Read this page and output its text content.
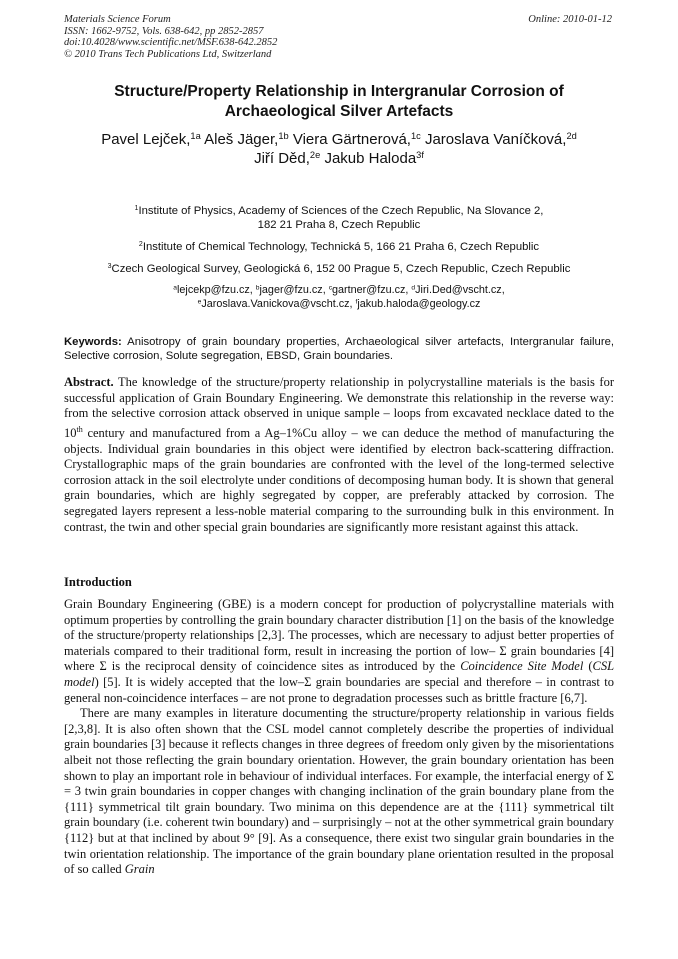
Materials Science Forum
ISSN: 1662-9752, Vols. 638-642, pp 2852-2857
doi:10.4028/www.scientific.net/MSF.638-642.2852
© 2010 Trans Tech Publications Ltd, Switzerland
Online: 2010-01-12
Structure/Property Relationship in Intergranular Corrosion of
Archaeological Silver Artefacts
Pavel Lejček,$^{1a}$ Aleš Jäger,$^{1b}$ Viera Gärtnerová,$^{1c}$ Jaroslava Vaníčková,$^{2d}$
Jiří Děd,$^{2e}$ Jakub Haloda$^{3f}$
$^1$Institute of Physics, Academy of Sciences of the Czech Republic, Na Slovance 2,
182 21 Praha 8, Czech Republic
$^2$Institute of Chemical Technology, Technická 5, 166 21 Praha 6, Czech Republic
$^3$Czech Geological Survey, Geologická 6, 152 00 Prague 5, Czech Republic, Czech Republic
$^a$lejcekp@fzu.cz, $^b$jager@fzu.cz, $^c$gartner@fzu.cz, $^d$Jiri.Ded@vscht.cz,
$^e$Jaroslava.Vanickova@vscht.cz, $^f$jakub.haloda@geology.cz
Keywords: Anisotropy of grain boundary properties, Archaeological silver artefacts, Intergranular failure, Selective corrosion, Solute segregation, EBSD, Grain boundaries.
Abstract. The knowledge of the structure/property relationship in polycrystalline materials is the basis for successful application of Grain Boundary Engineering. We demonstrate this relationship in the reverse way: from the selective corrosion attack observed in unique sample – loops from excavated necklace dated to the 10th century and manufactured from a Ag–1%Cu alloy – we can deduce the method of manufacturing the objects. Individual grain boundaries in this object were identified by electron back-scattering diffraction. Crystallographic maps of the grain boundaries are confronted with the level of the long-termed selective corrosion attack in the soil electrolyte under conditions of decomposing human body. It is shown that general grain boundaries, which are highly segregated by copper, are preferably attacked by corrosion. The segregated layers represent a less-noble material comparing to the surrounding bulk in this environment. In contrast, the twin and other special grain boundaries are significantly more resistant against this attack.
Introduction

Grain Boundary Engineering (GBE) is a modern concept for production of polycrystalline materials with optimum properties by controlling the grain boundary character distribution [1] on the basis of the knowledge of the structure/property relationships [2,3]. The processes, which are necessary to adjust better properties of materials compared to their traditional form, result in increasing the portion of low– Σ grain boundaries [4] where Σ is the reciprocal density of coincidence sites as introduced by the Coincidence Site Model (CSL model) [5]. It is widely accepted that the low–Σ grain boundaries are special and therefore – in contrast to general non-coincidence interfaces – are not prone to degradation processes such as brittle fracture [6,7].

There are many examples in literature documenting the structure/property relationship in various fields [2,3,8]. It is also often shown that the CSL model cannot completely describe the properties of individual grain boundaries [3] because it reflects changes in three degrees of freedom only given by the misorientations albeit not those reflecting the grain boundary orientation. However, the grain boundary orientation has been shown to play an important role in behaviour of individual interfaces. For example, the interfacial energy of Σ = 3 twin grain boundaries in copper changes with changing inclination of the grain boundary plane from the {111} symmetrical tilt grain boundary. Two minima on this dependence are at the {111} symmetrical tilt grain boundary (i.e. coherent twin boundary) and – surprisingly – not at the other symmetrical grain boundary {112} but at that inclined by about 9° [9]. As a consequence, there exist two singular grain boundaries in the twin orientation relationship. The importance of the grain boundary plane orientation resulted in the proposal of so called Grain
